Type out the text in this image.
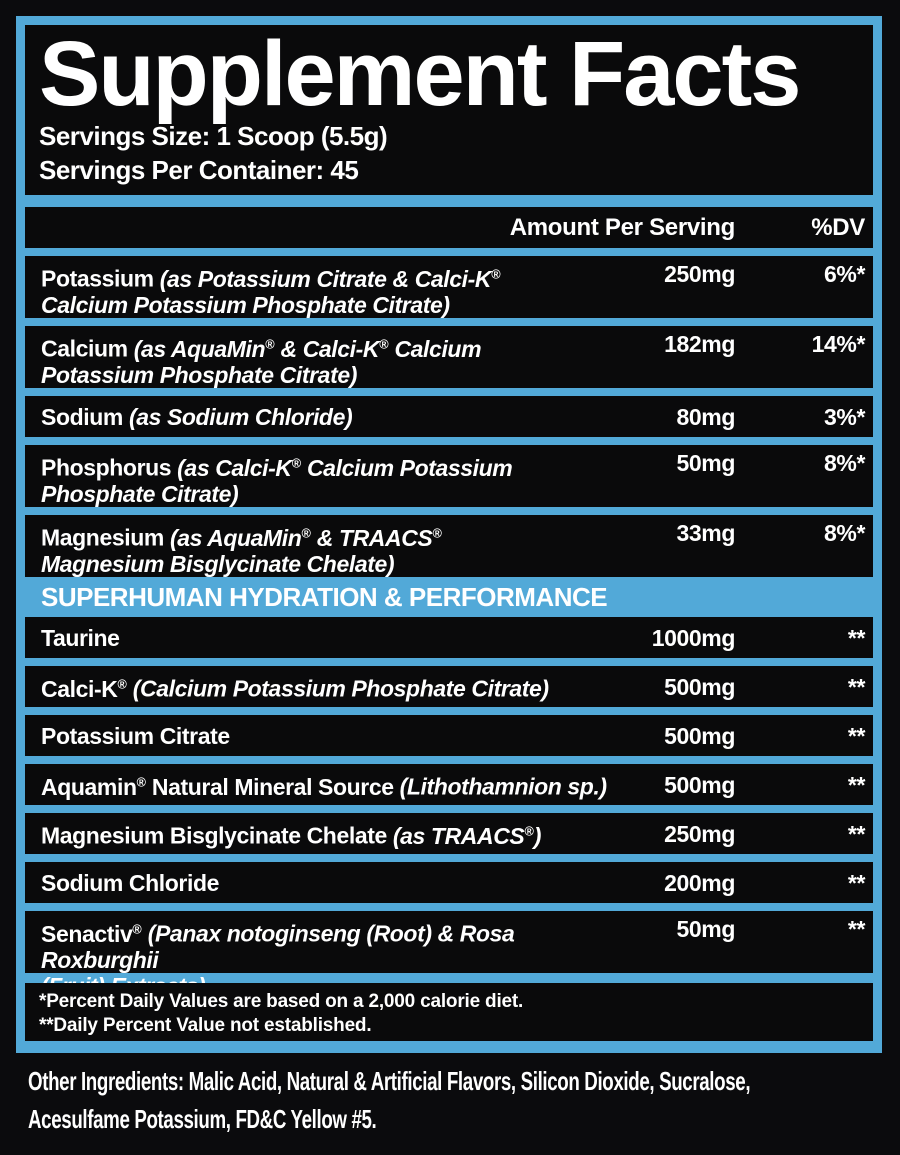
Supplement Facts
Servings Size: 1 Scoop (5.5g)
Servings Per Container: 45
Amount Per Serving	%DV
Potassium (as Potassium Citrate & Calci-K®
Calcium Potassium Phosphate Citrate)
250mg	6%*
Calcium (as AquaMin® & Calci-K® Calcium
Potassium Phosphate Citrate)
182mg	14%*
Sodium (as Sodium Chloride)	80mg	3%*
Phosphorus (as Calci-K® Calcium Potassium
Phosphate Citrate)
50mg	8%*
Magnesium (as AquaMin® & TRAACS®
Magnesium Bisglycinate Chelate)
33mg	8%*
SUPERHUMAN HYDRATION & PERFORMANCE
Taurine	1000mg	**
Calci-K® (Calcium Potassium Phosphate Citrate)	500mg	**
Potassium Citrate	500mg	**
Aquamin® Natural Mineral Source (Lithothamnion sp.)	500mg	**
Magnesium Bisglycinate Chelate (as TRAACS®)	250mg	**
Sodium Chloride	200mg	**
Senactiv® (Panax notoginseng (Root) & Rosa Roxburghii
50mg	**
*Percent Daily Values are based on a 2,000 calorie diet.
**Daily Percent Value not established.
Other Ingredients: Malic Acid, Natural & Artificial Flavors, Silicon Dioxide, Sucralose,
Acesulfame Potassium, FD&C Yellow #5.
